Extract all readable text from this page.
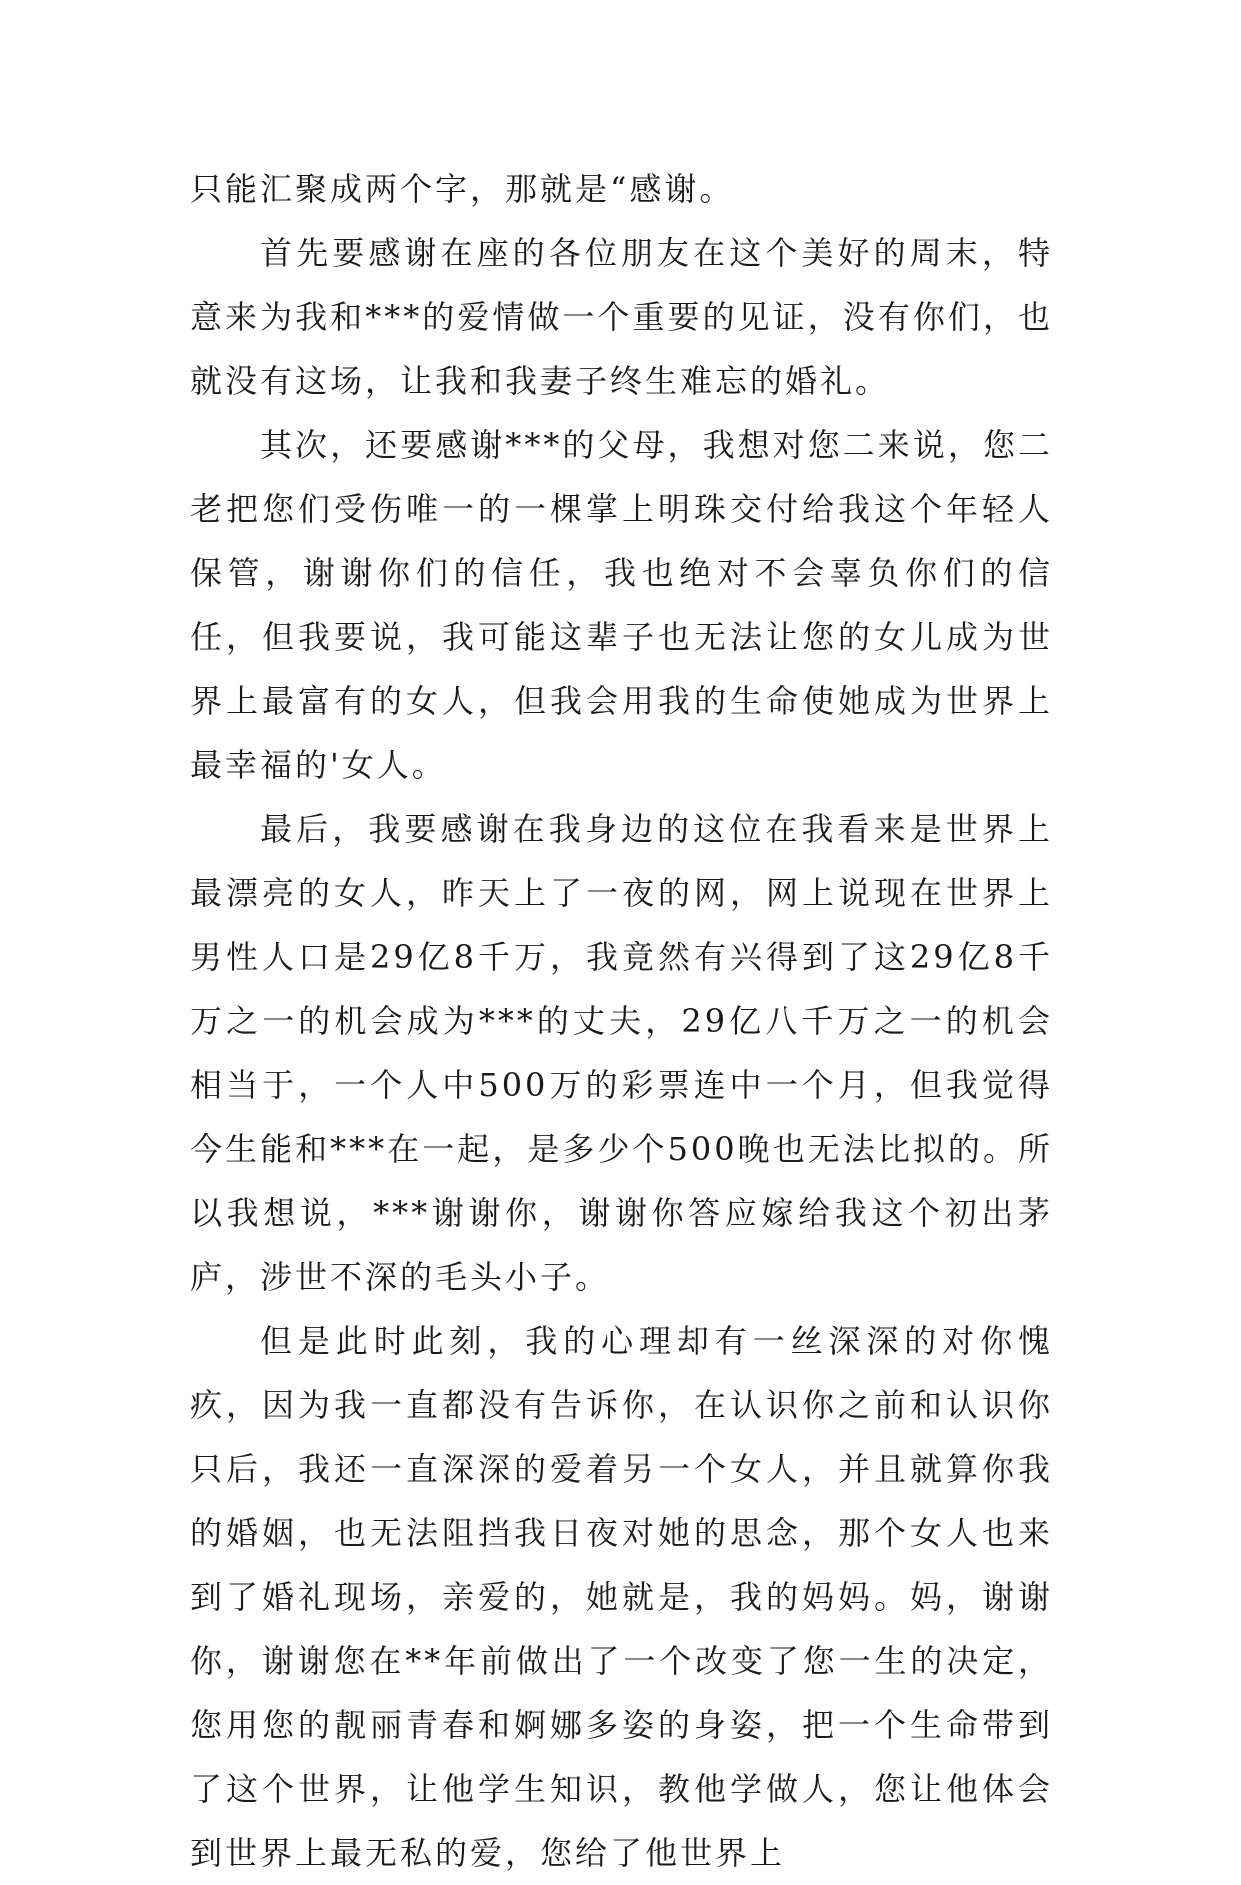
只能汇聚成两个字，那就是“感谢。

首先要感谢在座的各位朋友在这个美好的周末，特意来为我和***的爱情做一个重要的见证，没有你们，也就没有这场，让我和我妻子终生难忘的婚礼。

其次，还要感谢***的父母，我想对您二来说，您二老把您们受伤唯一的一棵掌上明珠交付给我这个年轻人保管，谢谢你们的信任，我也绝对不会辜负你们的信任，但我要说，我可能这辈子也无法让您的女儿成为世界上最富有的女人，但我会用我的生命使她成为世界上最幸福的'女人。

最后，我要感谢在我身边的这位在我看来是世界上最漂亮的女人，昨天上了一夜的网，网上说现在世界上男性人口是29亿8千万，我竟然有兴得到了这29亿8千万之一的机会成为***的丈夫，29亿八千万之一的机会相当于，一个人中500万的彩票连中一个月，但我觉得今生能和***在一起，是多少个500晚也无法比拟的。所以我想说，***谢谢你，谢谢你答应嫁给我这个初出茅庐，涉世不深的毛头小子。

但是此时此刻，我的心理却有一丝深深的对你愧疚，因为我一直都没有告诉你，在认识你之前和认识你只后，我还一直深深的爱着另一个女人，并且就算你我的婚姻，也无法阻挡我日夜对她的思念，那个女人也来到了婚礼现场，亲爱的，她就是，我的妈妈。妈，谢谢你，谢谢您在**年前做出了一个改变了您一生的决定，您用您的靓丽青春和婀娜多姿的身姿，把一个生命带到了这个世界，让他学生知识，教他学做人，您让他体会到世界上最无私的爱，您给了他世界上
